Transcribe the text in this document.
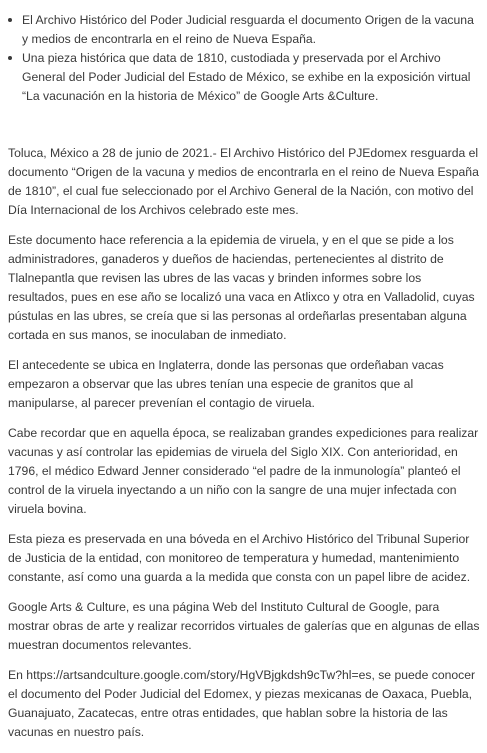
El Archivo Histórico del Poder Judicial resguarda el documento Origen de la vacuna y medios de encontrarla en el reino de Nueva España.
Una pieza histórica que data de 1810, custodiada y preservada por el Archivo General del Poder Judicial del Estado de México, se exhibe en la exposición virtual “La vacunación en la historia de México” de Google Arts &Culture.

Toluca, México a 28 de junio de 2021.- El Archivo Histórico del PJEdomex resguarda el documento “Origen de la vacuna y medios de encontrarla en el reino de Nueva España de 1810”, el cual fue seleccionado por el Archivo General de la Nación, con motivo del Día Internacional de los Archivos celebrado este mes.

Este documento hace referencia a la epidemia de viruela, y en el que se pide a los administradores, ganaderos y dueños de haciendas, pertenecientes al distrito de Tlalnepantla que revisen las ubres de las vacas y brinden informes sobre los resultados, pues en ese año se localizó una vaca en Atlixco y otra en Valladolid, cuyas pústulas en las ubres, se creía que si las personas al ordeñarlas presentaban alguna cortada en sus manos, se inoculaban de inmediato.

El antecedente se ubica en Inglaterra, donde las personas que ordeñaban vacas empezaron a observar que las ubres tenían una especie de granitos que al manipularse, al parecer prevenían el contagio de viruela.

Cabe recordar que en aquella época, se realizaban grandes expediciones para realizar vacunas y así controlar las epidemias de viruela del Siglo XIX. Con anterioridad, en 1796, el médico Edward Jenner considerado “el padre de la inmunología” planteó el control de la viruela inyectando a un niño con la sangre de una mujer infectada con viruela bovina.

Esta pieza es preservada en una bóveda en el Archivo Histórico del Tribunal Superior de Justicia de la entidad, con monitoreo de temperatura y humedad, mantenimiento constante, así como una guarda a la medida que consta con un papel libre de acidez.

Google Arts & Culture, es una página Web del Instituto Cultural de Google, para mostrar obras de arte y realizar recorridos virtuales de galerías que en algunas de ellas muestran documentos relevantes.

En https://artsandculture.google.com/story/HgVBjgkdsh9cTw?hl=es, se puede conocer el documento del Poder Judicial del Edomex, y piezas mexicanas de Oaxaca, Puebla, Guanajuato, Zacatecas, entre otras entidades, que hablan sobre la historia de las vacunas en nuestro país.
